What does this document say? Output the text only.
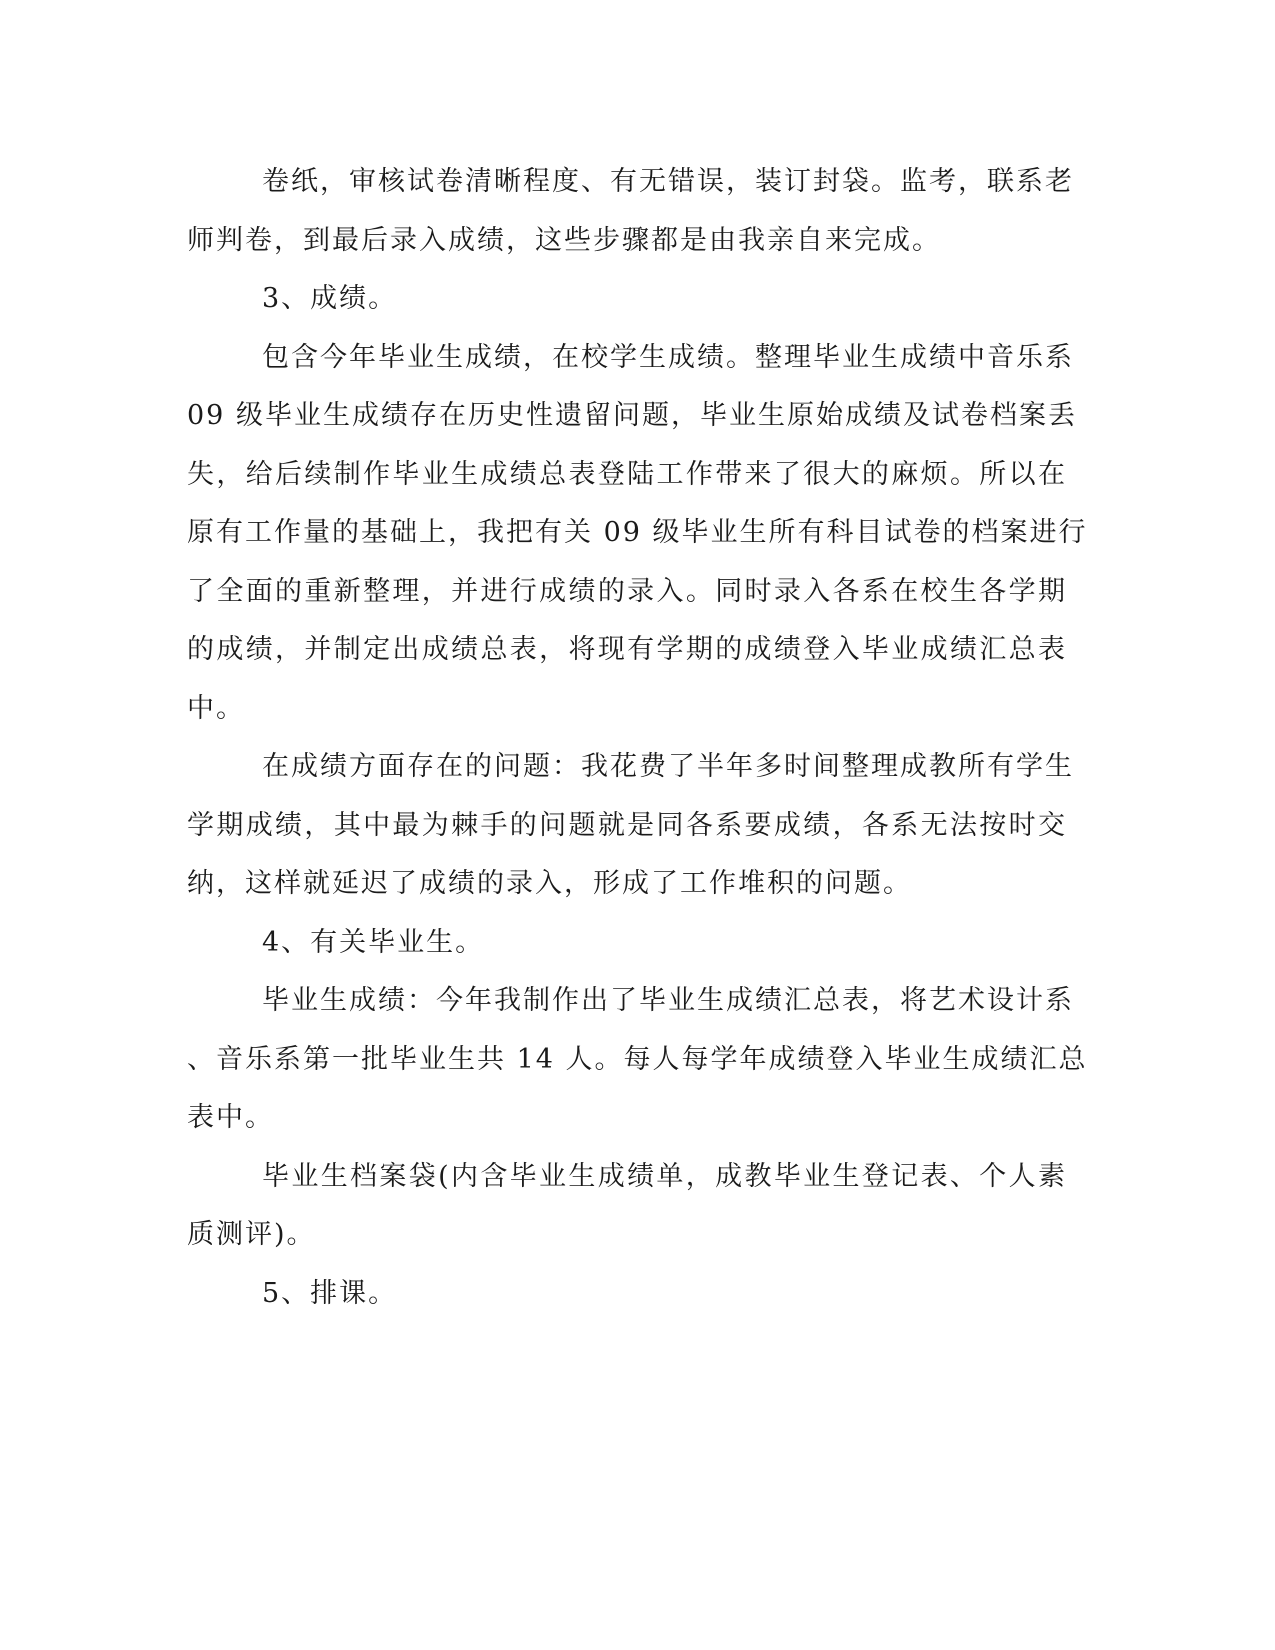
卷纸，审核试卷清晰程度、有无错误，装订封袋。监考，联系老
师判卷，到最后录入成绩，这些步骤都是由我亲自来完成。
3、成绩。
包含今年毕业生成绩，在校学生成绩。整理毕业生成绩中音乐系
09 级毕业生成绩存在历史性遗留问题，毕业生原始成绩及试卷档案丢
失，给后续制作毕业生成绩总表登陆工作带来了很大的麻烦。所以在
原有工作量的基础上，我把有关 09 级毕业生所有科目试卷的档案进行
了全面的重新整理，并进行成绩的录入。同时录入各系在校生各学期
的成绩，并制定出成绩总表，将现有学期的成绩登入毕业成绩汇总表
中。
在成绩方面存在的问题：我花费了半年多时间整理成教所有学生
学期成绩，其中最为棘手的问题就是同各系要成绩，各系无法按时交
纳，这样就延迟了成绩的录入，形成了工作堆积的问题。
4、有关毕业生。
毕业生成绩：今年我制作出了毕业生成绩汇总表，将艺术设计系
、音乐系第一批毕业生共 14 人。每人每学年成绩登入毕业生成绩汇总
表中。
毕业生档案袋(内含毕业生成绩单，成教毕业生登记表、个人素
质测评)。
5、排课。
